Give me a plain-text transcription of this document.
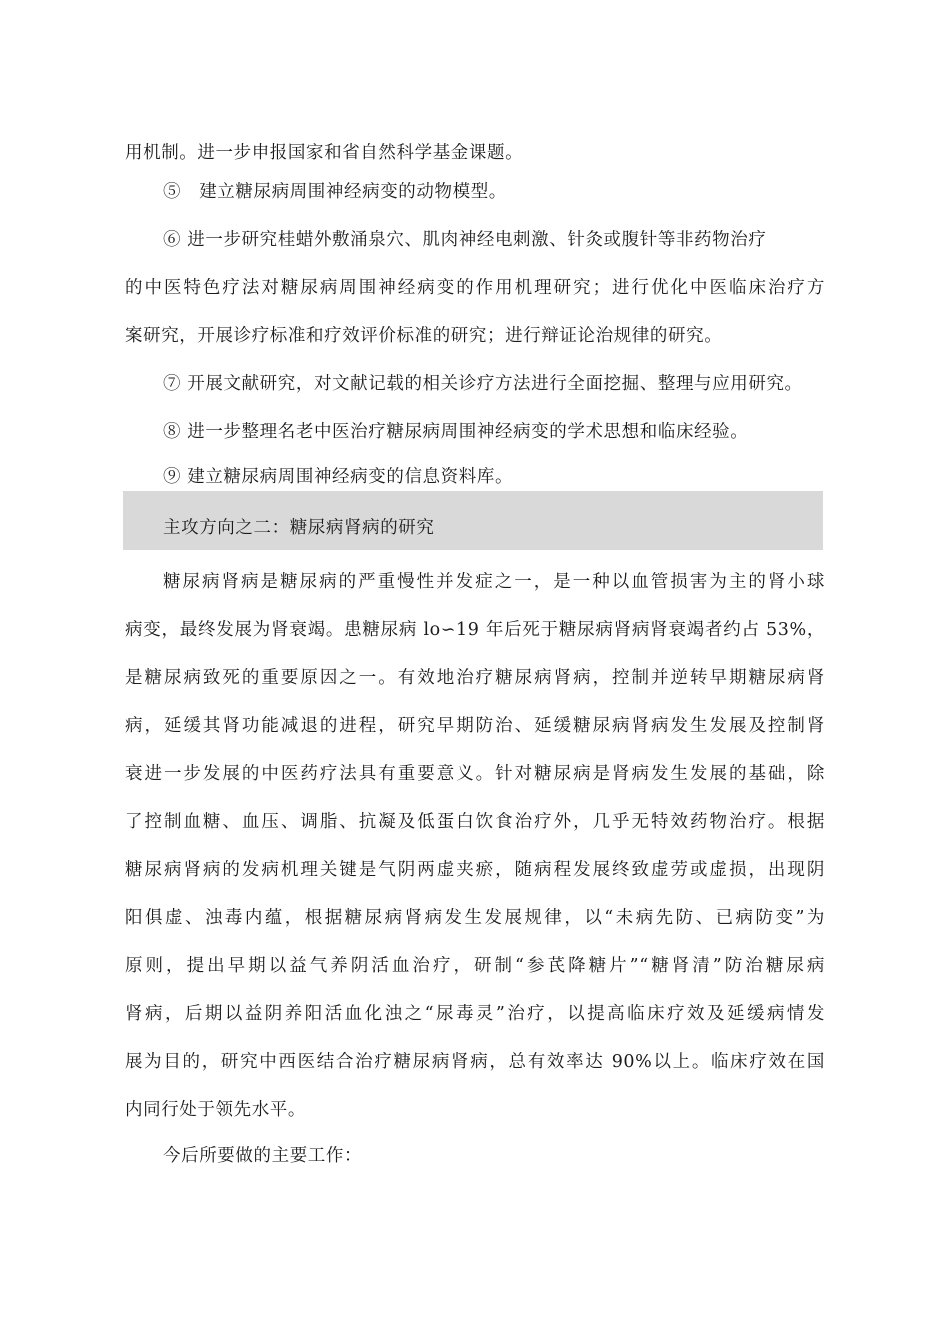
用机制。进一步申报国家和省自然科学基金课题。
⑤　建立糖尿病周围神经病变的动物模型。
⑥ 进一步研究桂蜡外敷涌泉穴、肌肉神经电刺激、针灸或腹针等非药物治疗
的中医特色疗法对糖尿病周围神经病变的作用机理研究；进行优化中医临床治疗方
案研究，开展诊疗标准和疗效评价标准的研究；进行辩证论治规律的研究。
⑦ 开展文献研究，对文献记载的相关诊疗方法进行全面挖掘、整理与应用研究。
⑧ 进一步整理名老中医治疗糖尿病周围神经病变的学术思想和临床经验。
⑨ 建立糖尿病周围神经病变的信息资料库。
主攻方向之二：糖尿病肾病的研究
糖尿病肾病是糖尿病的严重慢性并发症之一，是一种以血管损害为主的肾小球
病变，最终发展为肾衰竭。患糖尿病 lo∽19 年后死于糖尿病肾病肾衰竭者约占 53%，
是糖尿病致死的重要原因之一。有效地治疗糖尿病肾病，控制并逆转早期糖尿病肾
病，延缓其肾功能减退的进程，研究早期防治、延缓糖尿病肾病发生发展及控制肾
衰进一步发展的中医药疗法具有重要意义。针对糖尿病是肾病发生发展的基础，除
了控制血糖、血压、调脂、抗凝及低蛋白饮食治疗外，几乎无特效药物治疗。根据
糖尿病肾病的发病机理关键是气阴两虚夹瘀，随病程发展终致虚劳或虚损，出现阴
阳俱虚、浊毒内蕴，根据糖尿病肾病发生发展规律，以“未病先防、已病防变”为
原则，提出早期以益气养阴活血治疗，研制“参芪降糖片”“糖肾清”防治糖尿病
肾病，后期以益阴养阳活血化浊之“尿毒灵”治疗，以提高临床疗效及延缓病情发
展为目的，研究中西医结合治疗糖尿病肾病，总有效率达 90%以上。临床疗效在国
内同行处于领先水平。
今后所要做的主要工作：
